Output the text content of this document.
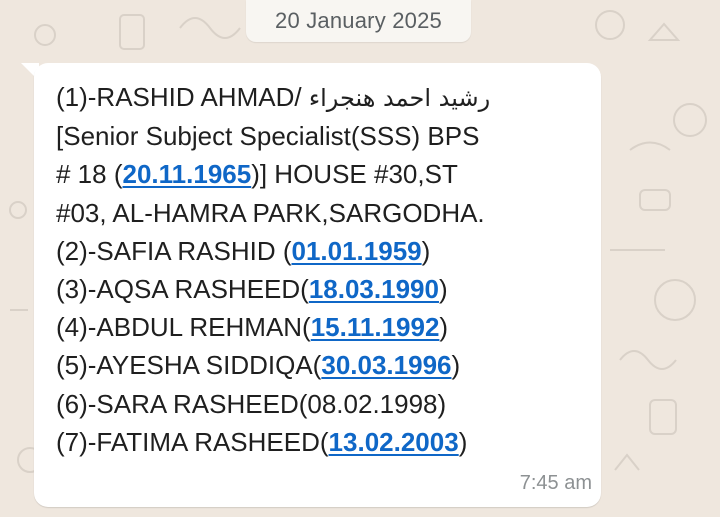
20 January 2025
(1)-RASHID AHMAD/ رشید احمد ھنجراء
[Senior Subject Specialist(SSS) BPS
# 18 (20.11.1965)] HOUSE #30,ST
#03, AL-HAMRA PARK,SARGODHA.
(2)-SAFIA RASHID (01.01.1959)
(3)-AQSA RASHEED(18.03.1990)
(4)-ABDUL REHMAN(15.11.1992)
(5)-AYESHA SIDDIQA(30.03.1996)
(6)-SARA RASHEED(08.02.1998)
(7)-FATIMA RASHEED(13.02.2003)
7:45 am
